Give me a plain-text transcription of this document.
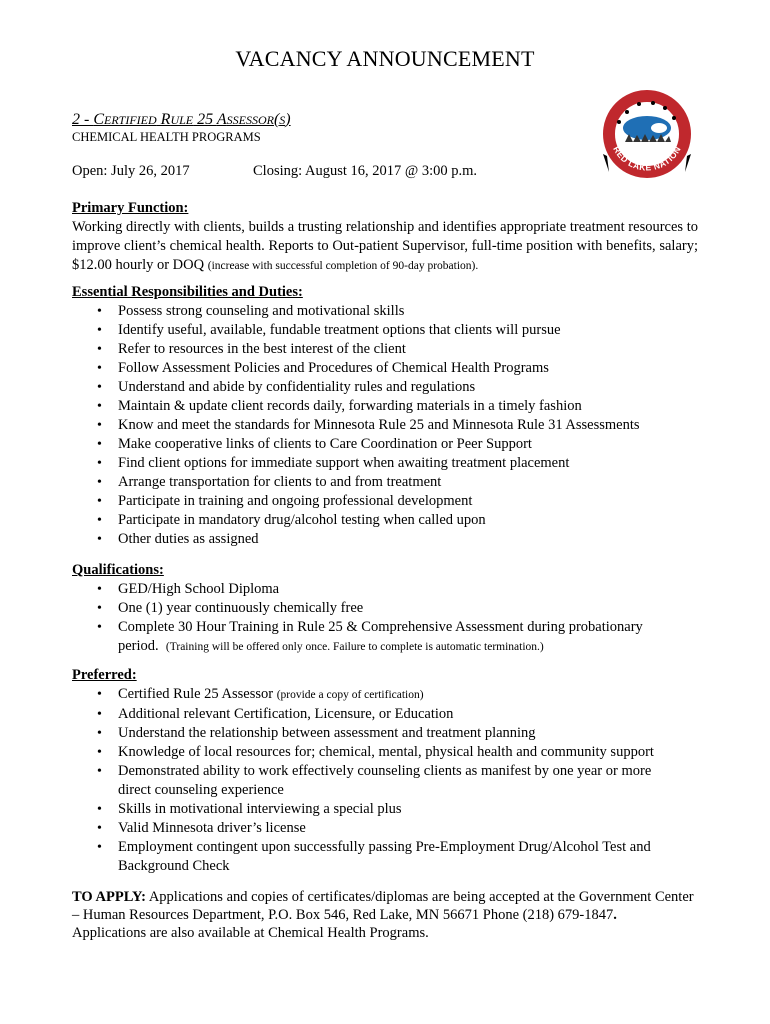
VACANCY ANNOUNCEMENT
2 - CERTIFIED RULE 25 ASSESSOR(S)
CHEMICAL HEALTH PROGRAMS
Open: July 26, 2017	Closing: August 16, 2017 @ 3:00 p.m.
RED LAKE NATION
Primary Function:
Working directly with clients, builds a trusting relationship and identifies appropriate treatment resources to improve client’s chemical health. Reports to Out-patient Supervisor, full-time position with benefits, salary; $12.00 hourly or DOQ (increase with successful completion of 90-day probation).
Essential Responsibilities and Duties:
• Possess strong counseling and motivational skills
• Identify useful, available, fundable treatment options that clients will pursue
• Refer to resources in the best interest of the client
• Follow Assessment Policies and Procedures of Chemical Health Programs
• Understand and abide by confidentiality rules and regulations
• Maintain & update client records daily, forwarding materials in a timely fashion
• Know and meet the standards for Minnesota Rule 25 and Minnesota Rule 31 Assessments
• Make cooperative links of clients to Care Coordination or Peer Support
• Find client options for immediate support when awaiting treatment placement
• Arrange transportation for clients to and from treatment
• Participate in training and ongoing professional development
• Participate in mandatory drug/alcohol testing when called upon
• Other duties as assigned
Qualifications:
• GED/High School Diploma
• One (1) year continuously chemically free
• Complete 30 Hour Training in Rule 25 & Comprehensive Assessment during probationary
period. (Training will be offered only once. Failure to complete is automatic termination.)
Preferred:
• Certified Rule 25 Assessor (provide a copy of certification)
• Additional relevant Certification, Licensure, or Education
• Understand the relationship between assessment and treatment planning
• Knowledge of local resources for; chemical, mental, physical health and community support
• Demonstrated ability to work effectively counseling clients as manifest by one year or more
direct counseling experience
• Skills in motivational interviewing a special plus
• Valid Minnesota driver’s license
• Employment contingent upon successfully passing Pre-Employment Drug/Alcohol Test and
Background Check
TO APPLY: Applications and copies of certificates/diplomas are being accepted at the Government Center – Human Resources Department, P.O. Box 546, Red Lake, MN 56671 Phone (218) 679-1847.
Applications are also available at Chemical Health Programs.
